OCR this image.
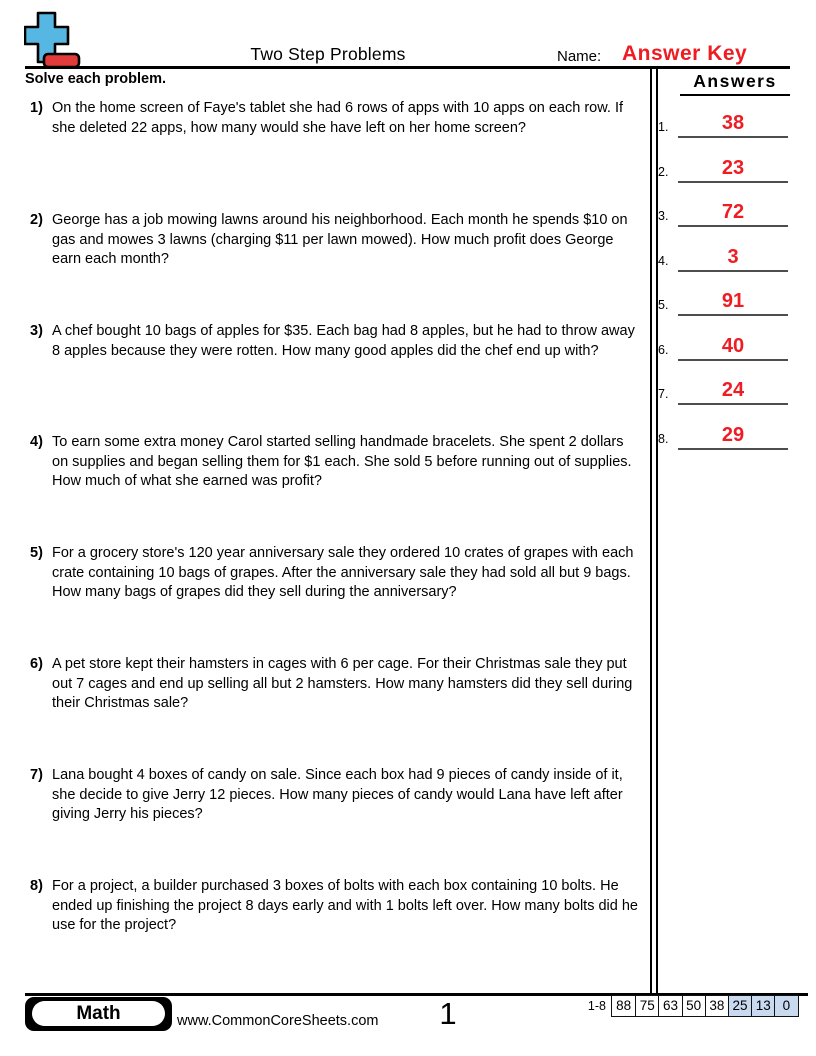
Two Step Problems	Name: Answer Key
Solve each problem.
1) On the home screen of Faye's tablet she had 6 rows of apps with 10 apps on each row. If she deleted 22 apps, how many would she have left on her home screen?
2) George has a job mowing lawns around his neighborhood. Each month he spends $10 on gas and mowes 3 lawns (charging $11 per lawn mowed). How much profit does George earn each month?
3) A chef bought 10 bags of apples for $35. Each bag had 8 apples, but he had to throw away 8 apples because they were rotten. How many good apples did the chef end up with?
4) To earn some extra money Carol started selling handmade bracelets. She spent 2 dollars on supplies and began selling them for $1 each. She sold 5 before running out of supplies. How much of what she earned was profit?
5) For a grocery store's 120 year anniversary sale they ordered 10 crates of grapes with each crate containing 10 bags of grapes. After the anniversary sale they had sold all but 9 bags. How many bags of grapes did they sell during the anniversary?
6) A pet store kept their hamsters in cages with 6 per cage. For their Christmas sale they put out 7 cages and end up selling all but 2 hamsters. How many hamsters did they sell during their Christmas sale?
7) Lana bought 4 boxes of candy on sale. Since each box had 9 pieces of candy inside of it, she decide to give Jerry 12 pieces. How many pieces of candy would Lana have left after giving Jerry his pieces?
8) For a project, a builder purchased 3 boxes of bolts with each box containing 10 bolts. He ended up finishing the project 8 days early and with 1 bolts left over. How many bolts did he use for the project?
Answers
1.	38
2.	23
3.	72
4.	3
5.	91
6.	40
7.	24
8.	29
Math	www.CommonCoreSheets.com	1	1-8 88 75 63 50 38 25 13 0
